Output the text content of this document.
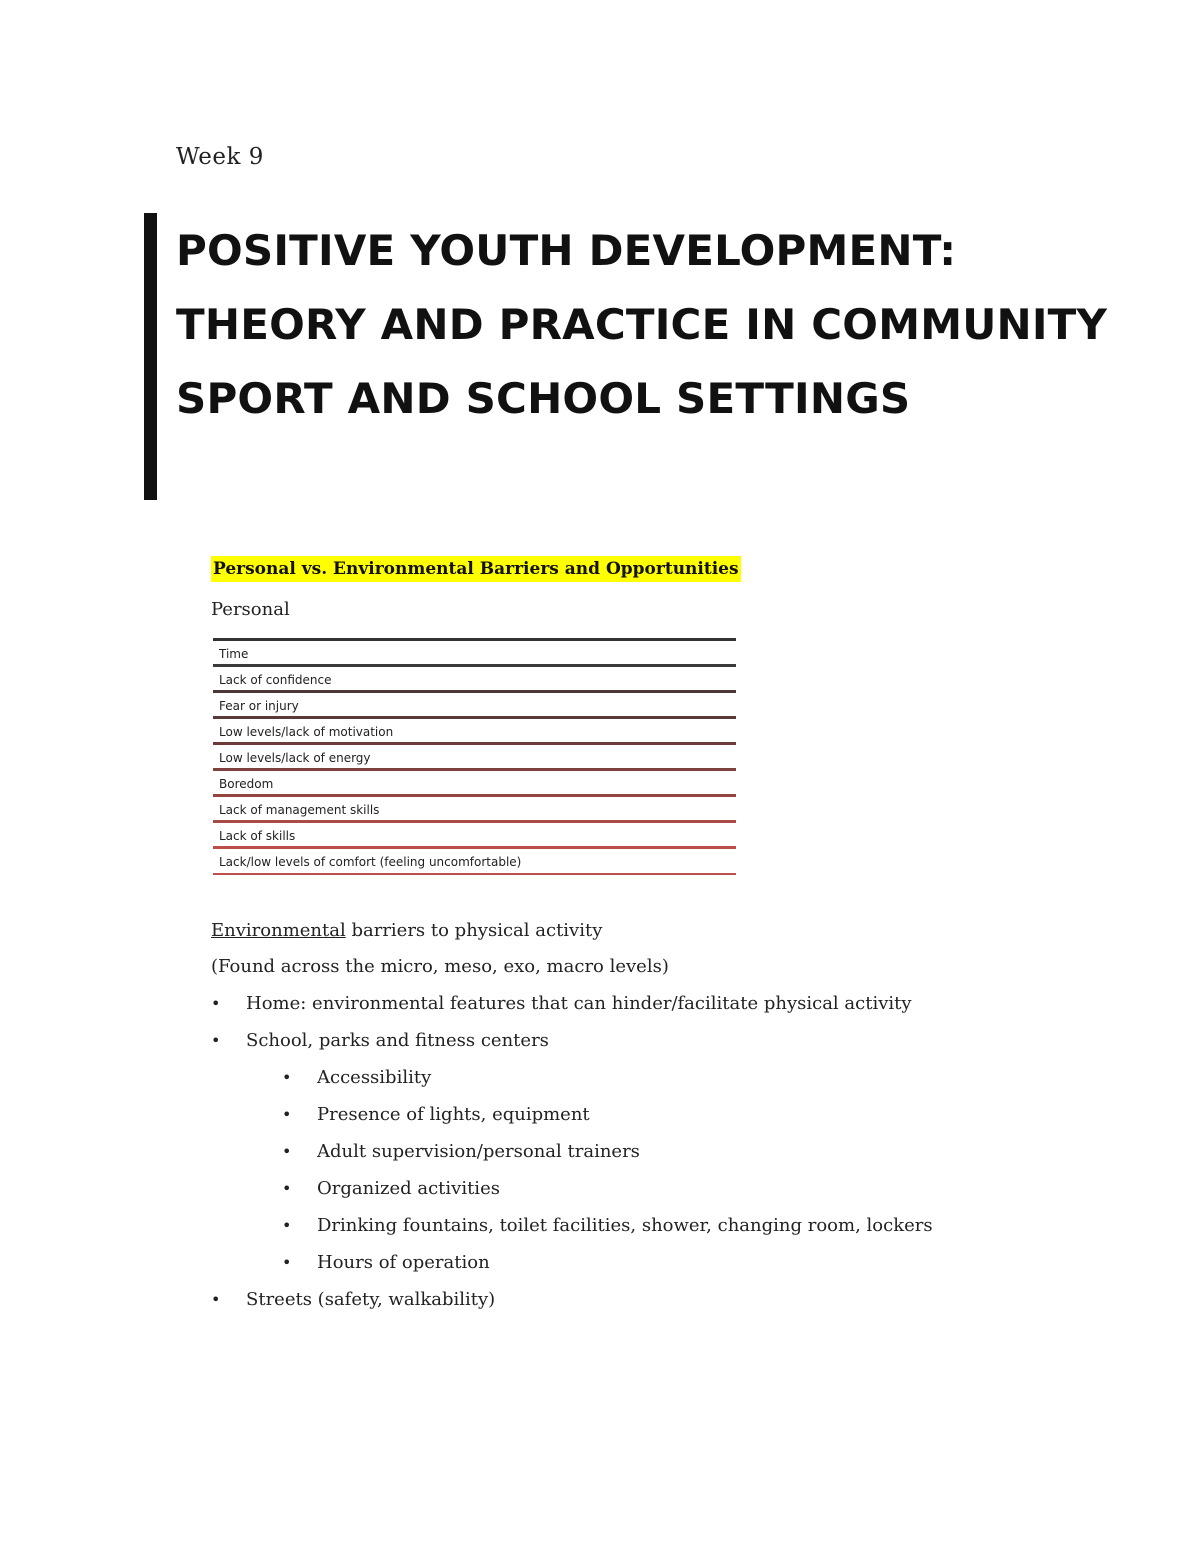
Week 9
POSITIVE YOUTH DEVELOPMENT: THEORY AND PRACTICE IN COMMUNITY SPORT AND SCHOOL SETTINGS
Personal vs. Environmental Barriers and Opportunities
Personal
Time
Lack of confidence
Fear or injury
Low levels/lack of motivation
Low levels/lack of energy
Boredom
Lack of management skills
Lack of skills
Lack/low levels of comfort (feeling uncomfortable)

Environmental barriers to physical activity

(Found across the micro, meso, exo, macro levels)

• Home: environmental features that can hinder/facilitate physical activity
• School, parks and fitness centers
• Accessibility
• Presence of lights, equipment
• Adult supervision/personal trainers
• Organized activities
• Drinking fountains, toilet facilities, shower, changing room, lockers
• Hours of operation
• Streets (safety, walkability)
